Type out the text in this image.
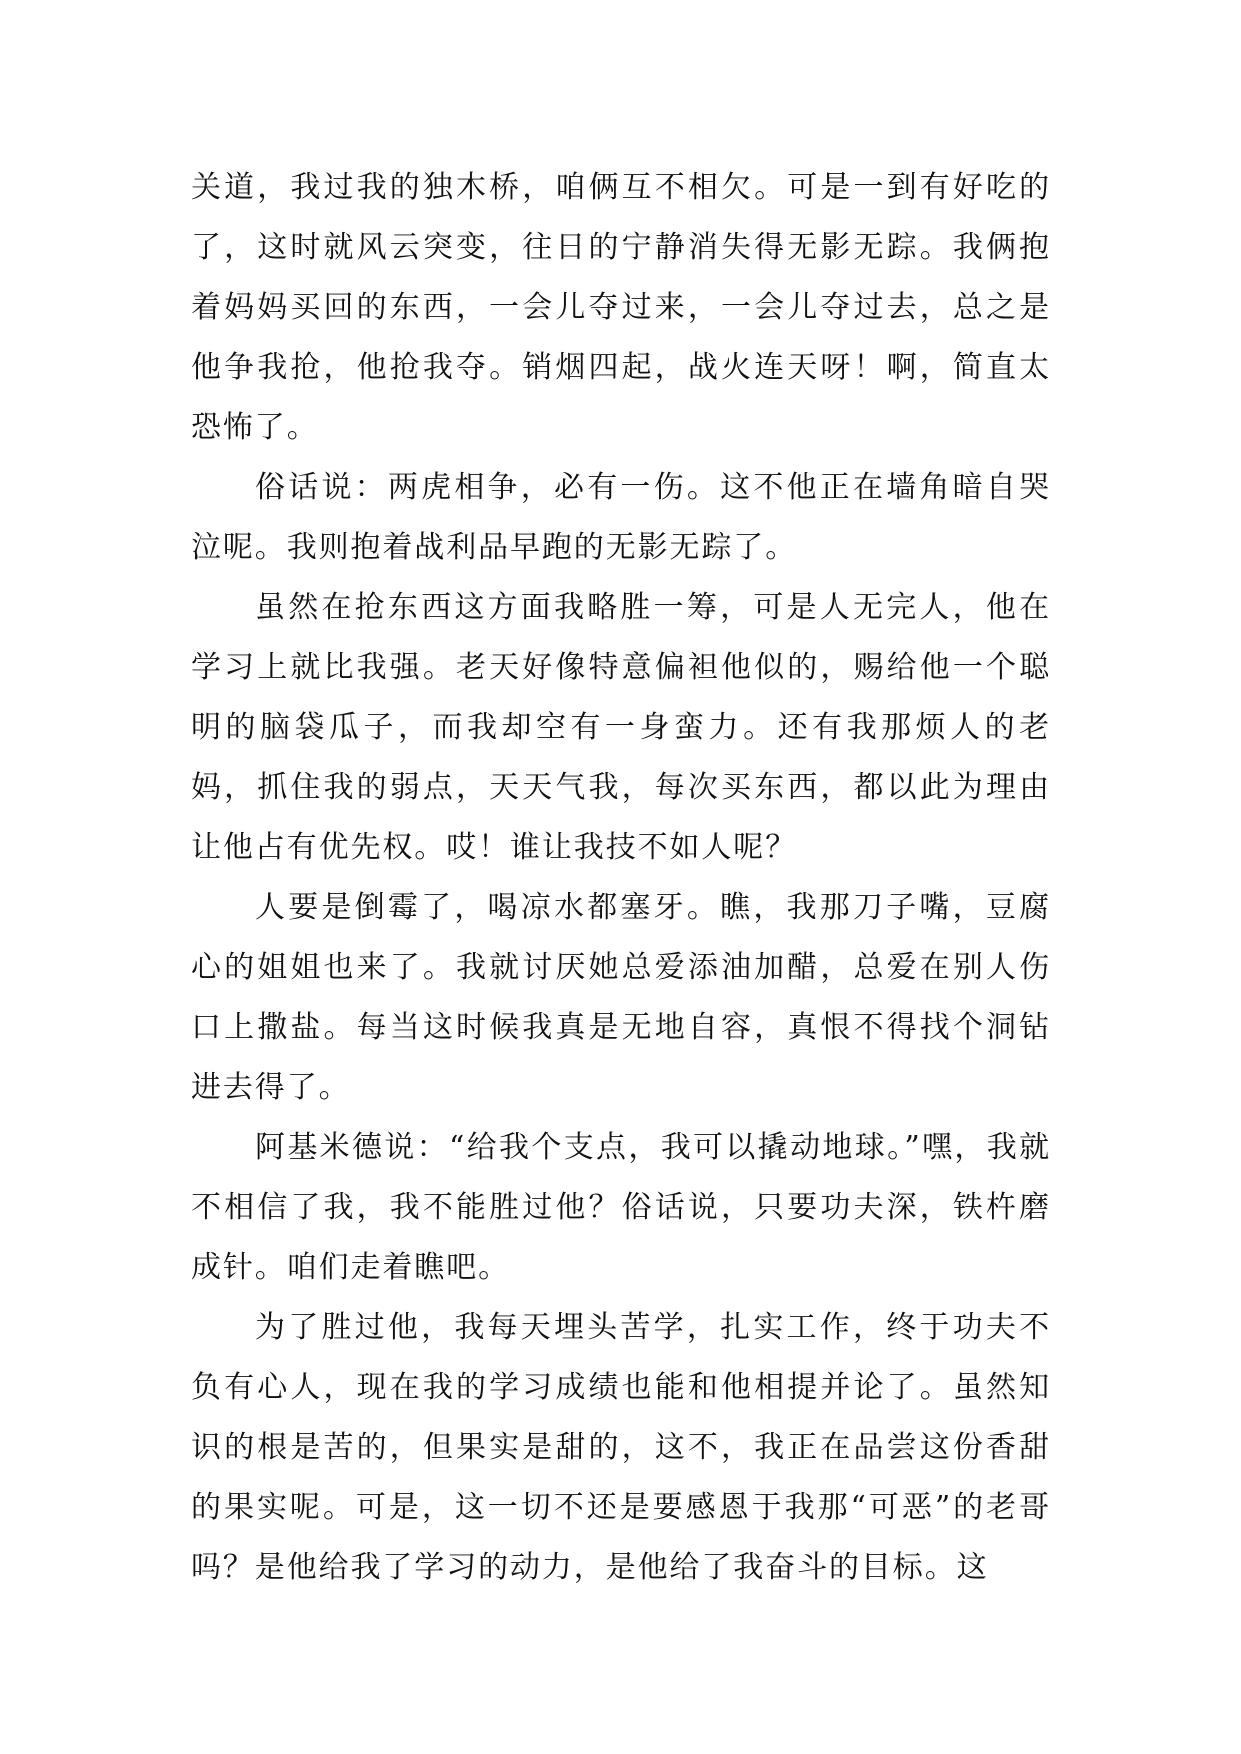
关道，我过我的独木桥，咱俩互不相欠。可是一到有好吃的了，这时就风云突变，往日的宁静消失得无影无踪。我俩抱着妈妈买回的东西，一会儿夺过来，一会儿夺过去，总之是他争我抢，他抢我夺。销烟四起，战火连天呀！啊，简直太恐怖了。

俗话说：两虎相争，必有一伤。这不他正在墙角暗自哭泣呢。我则抱着战利品早跑的无影无踪了。

虽然在抢东西这方面我略胜一筹，可是人无完人，他在学习上就比我强。老天好像特意偏袒他似的，赐给他一个聪明的脑袋瓜子，而我却空有一身蛮力。还有我那烦人的老妈，抓住我的弱点，天天气我，每次买东西，都以此为理由让他占有优先权。哎！谁让我技不如人呢？

人要是倒霉了，喝凉水都塞牙。瞧，我那刀子嘴，豆腐心的姐姐也来了。我就讨厌她总爱添油加醋，总爱在别人伤口上撒盐。每当这时候我真是无地自容，真恨不得找个洞钻进去得了。

阿基米德说：“给我个支点，我可以撬动地球。”嘿，我就不相信了我，我不能胜过他？俗话说，只要功夫深，铁杵磨成针。咱们走着瞧吧。

为了胜过他，我每天埋头苦学，扎实工作，终于功夫不负有心人，现在我的学习成绩也能和他相提并论了。虽然知识的根是苦的，但果实是甜的，这不，我正在品尝这份香甜的果实呢。可是，这一切不还是要感恩于我那“可恶”的老哥吗？是他给我了学习的动力，是他给了我奋斗的目标。这
